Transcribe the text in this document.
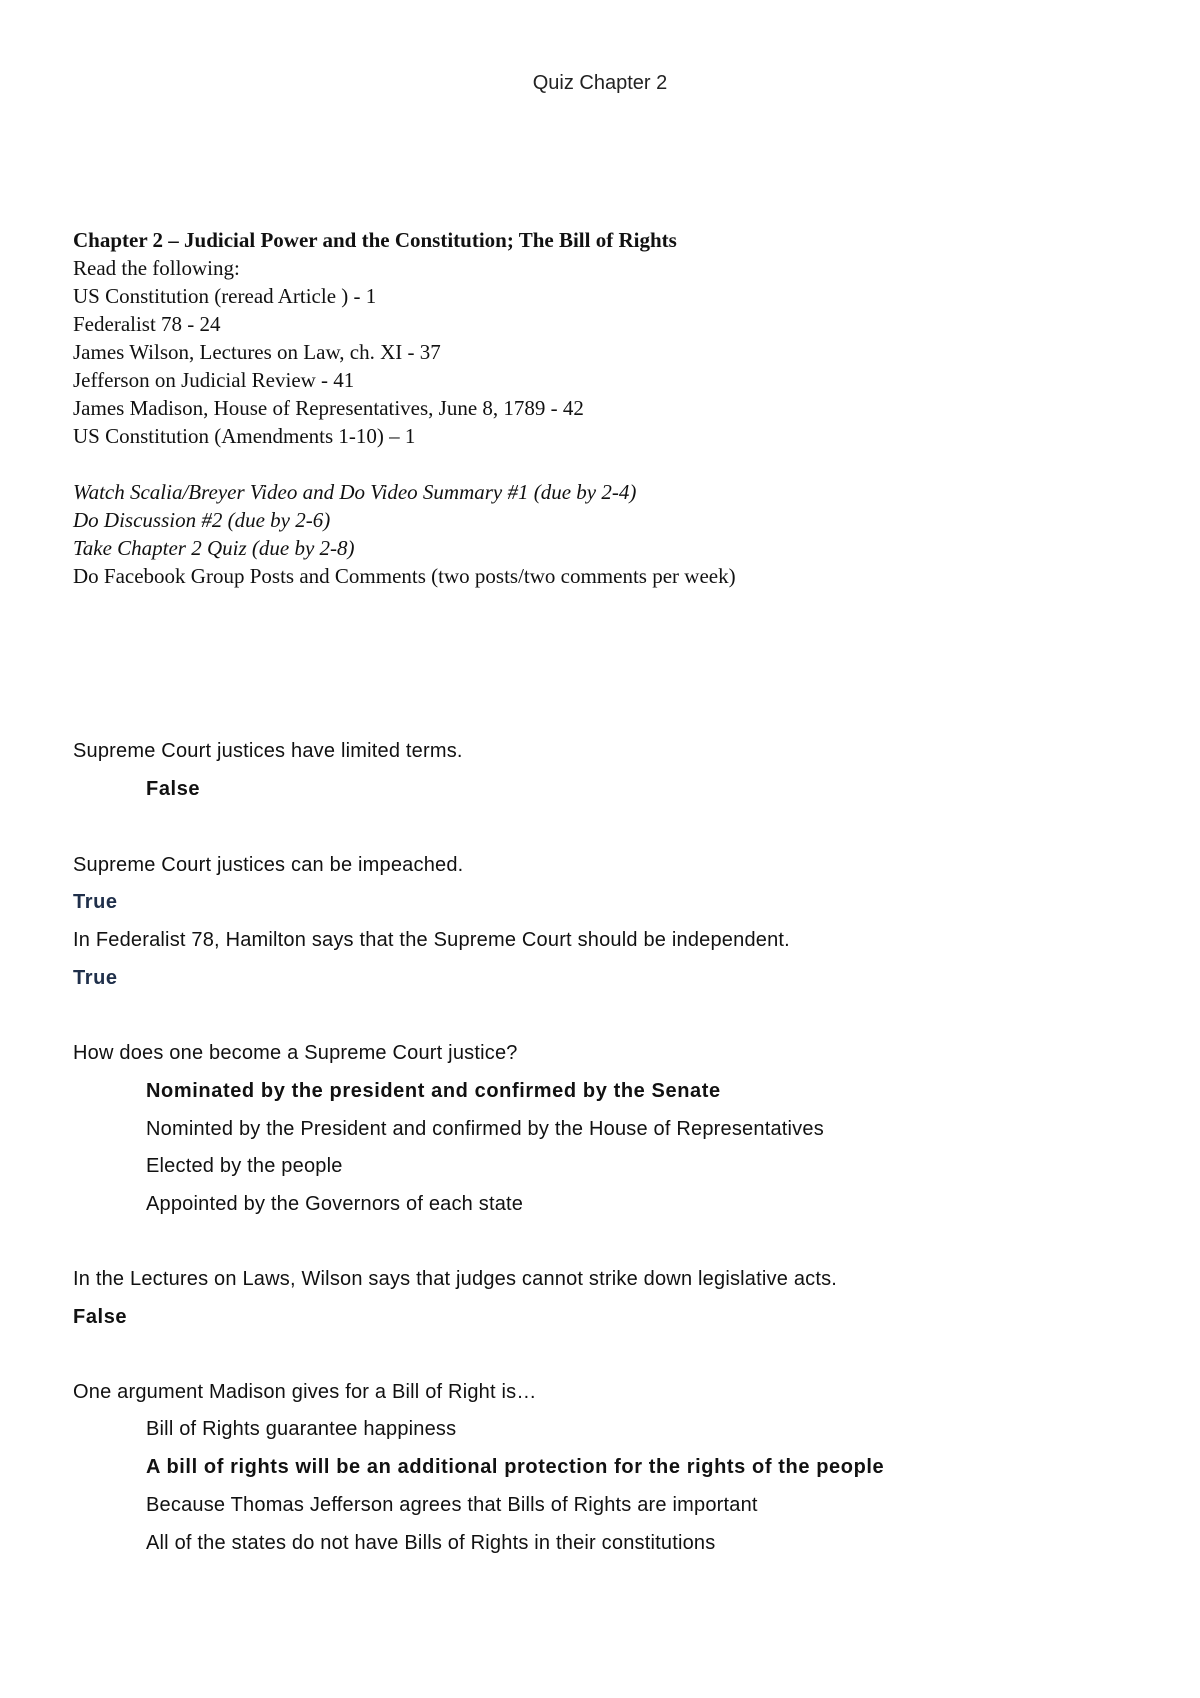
Quiz Chapter 2
Chapter 2 – Judicial Power and the Constitution; The Bill of Rights
Read the following:
US Constitution (reread Article ) - 1
Federalist 78 - 24
James Wilson, Lectures on Law, ch. XI - 37
Jefferson on Judicial Review - 41
James Madison, House of Representatives, June 8, 1789 - 42
US Constitution (Amendments 1-10) – 1
Watch Scalia/Breyer Video and Do Video Summary #1 (due by 2-4)
Do Discussion #2 (due by 2-6)
Take Chapter 2 Quiz (due by 2-8)
Do Facebook Group Posts and Comments (two posts/two comments per week)
Supreme Court justices have limited terms.
False
Supreme Court justices can be impeached.
True
In Federalist 78, Hamilton says that the Supreme Court should be independent.
True
How does one become a Supreme Court justice?
Nominated by the president and confirmed by the Senate
Nominted by the President and confirmed by the House of Representatives
Elected by the people
Appointed by the Governors of each state
In the Lectures on Laws, Wilson says that judges cannot strike down legislative acts.
False
One argument Madison gives for a Bill of Right is…
Bill of Rights guarantee happiness
A bill of rights will be an additional protection for the rights of the people
Because Thomas Jefferson agrees that Bills of Rights are important
All of the states do not have Bills of Rights in their constitutions
